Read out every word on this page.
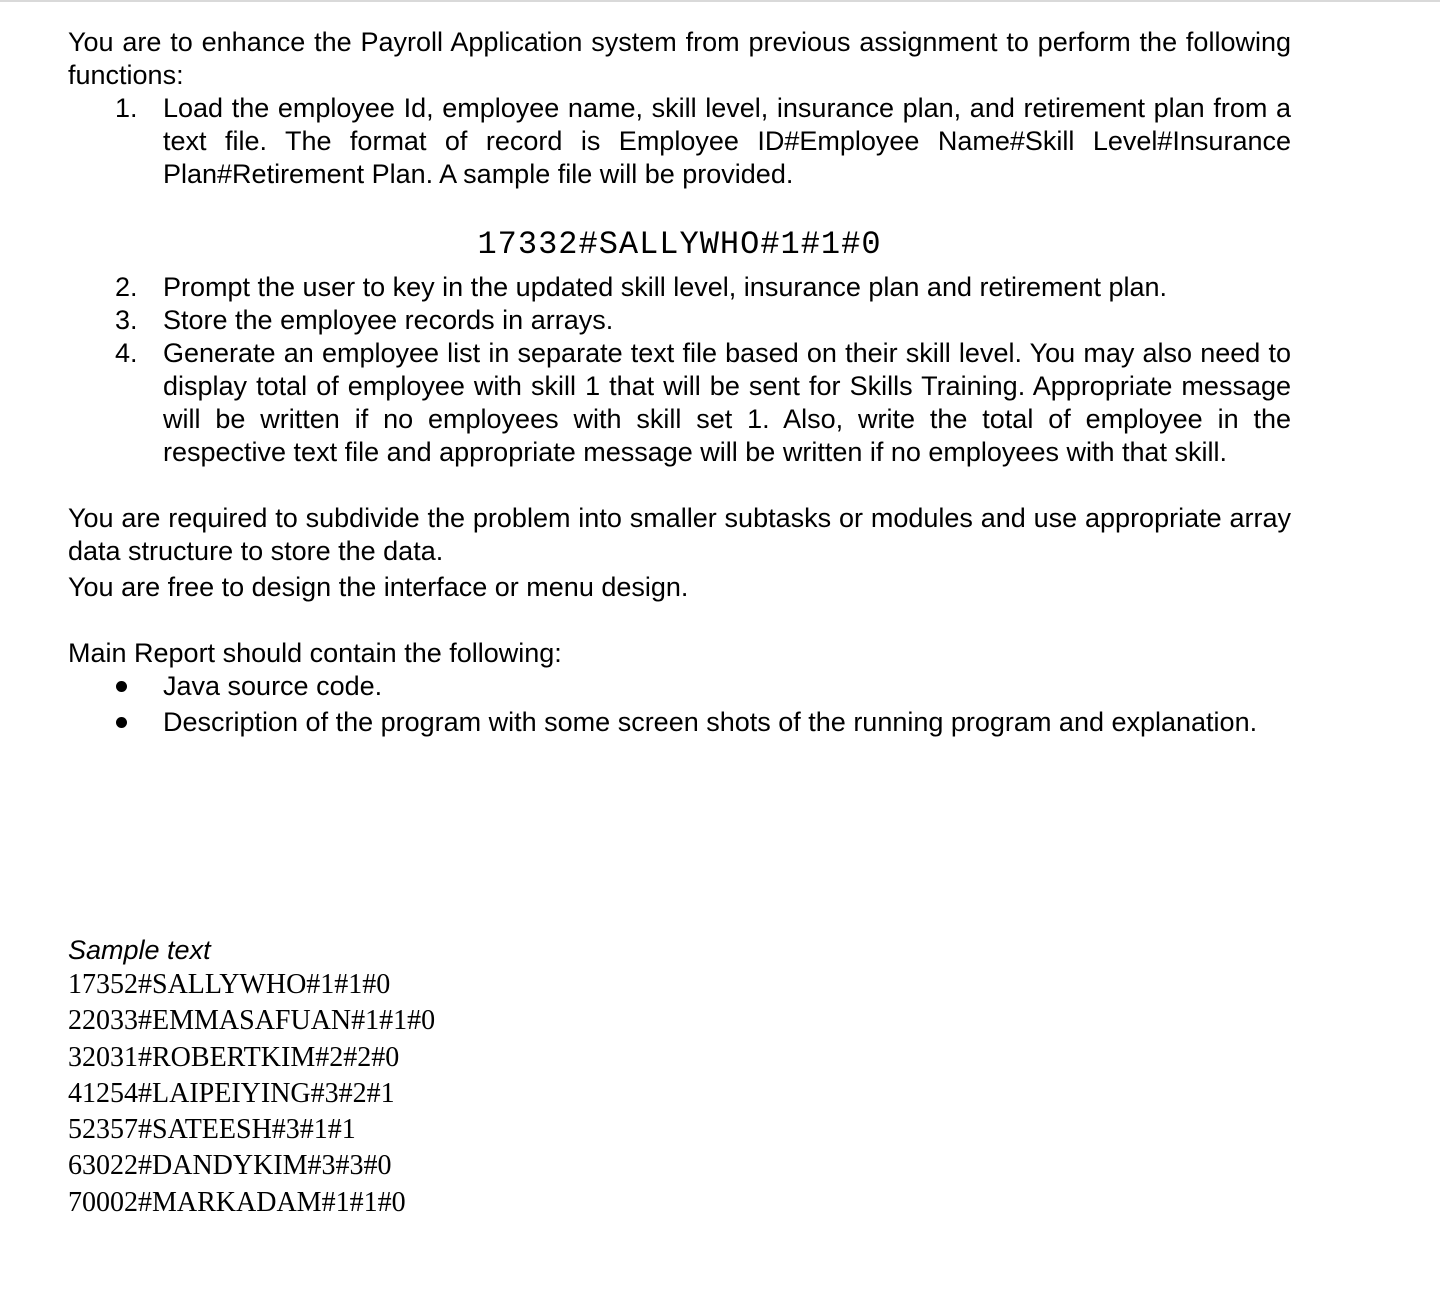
You are to enhance the Payroll Application system from previous assignment to perform the following functions:

1. Load the employee Id, employee name, skill level, insurance plan, and retirement plan from a text file. The format of record is Employee ID#Employee Name#Skill Level#Insurance Plan#Retirement Plan. A sample file will be provided.
17332#SALLYWHO#1#1#0
2. Prompt the user to key in the updated skill level, insurance plan and retirement plan.
3. Store the employee records in arrays.
4. Generate an employee list in separate text file based on their skill level. You may also need to display total of employee with skill 1 that will be sent for Skills Training. Appropriate message will be written if no employees with skill set 1. Also, write the total of employee in the respective text file and appropriate message will be written if no employees with that skill.

You are required to subdivide the problem into smaller subtasks or modules and use appropriate array data structure to store the data.

You are free to design the interface or menu design.

Main Report should contain the following:

Java source code.
Description of the program with some screen shots of the running program and explanation.

Sample text

17352#SALLYWHO#1#1#0
22033#EMMASAFUAN#1#1#0
32031#ROBERTKIM#2#2#0
41254#LAIPEIYING#3#2#1
52357#SATEESH#3#1#1
63022#DANDYKIM#3#3#0
70002#MARKADAM#1#1#0
